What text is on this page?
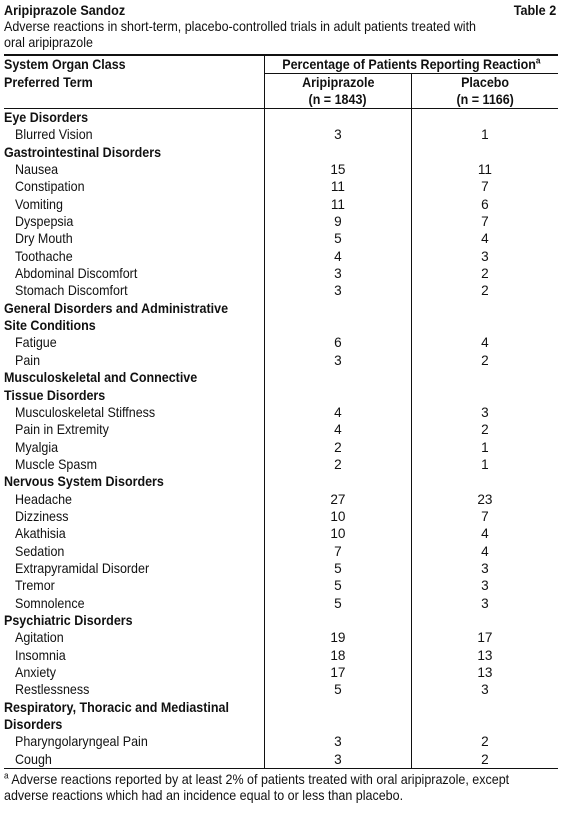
Aripiprazole Sandoz	Table 2
Adverse reactions in short-term, placebo-controlled trials in adult patients treated with
oral aripiprazole
System Organ Class	Percentage of Patients Reporting Reaction$^a$
Preferred Term	Aripiprazole	Placebo
	(n = 1843)	(n = 1166)
Eye Disorders		
Blurred Vision	3	1
Gastrointestinal Disorders		
Nausea	15	11
Constipation	11	7
Vomiting	11	6
Dyspepsia	9	7
Dry Mouth	5	4
Toothache	4	3
Abdominal Discomfort	3	2
Stomach Discomfort	3	2
General Disorders and Administrative		
Site Conditions		
Fatigue	6	4
Pain	3	2
Musculoskeletal and Connective		
Tissue Disorders		
Musculoskeletal Stiffness	4	3
Pain in Extremity	4	2
Myalgia	2	1
Muscle Spasm	2	1
Nervous System Disorders		
Headache	27	23
Dizziness	10	7
Akathisia	10	4
Sedation	7	4
Extrapyramidal Disorder	5	3
Tremor	5	3
Somnolence	5	3
Psychiatric Disorders		
Agitation	19	17
Insomnia	18	13
Anxiety	17	13
Restlessness	5	3
Respiratory, Thoracic and Mediastinal		
Disorders		
Pharyngolaryngeal Pain	3	2
Cough	3	2
$^a$ Adverse reactions reported by at least 2% of patients treated with oral aripiprazole, except
adverse reactions which had an incidence equal to or less than placebo.
